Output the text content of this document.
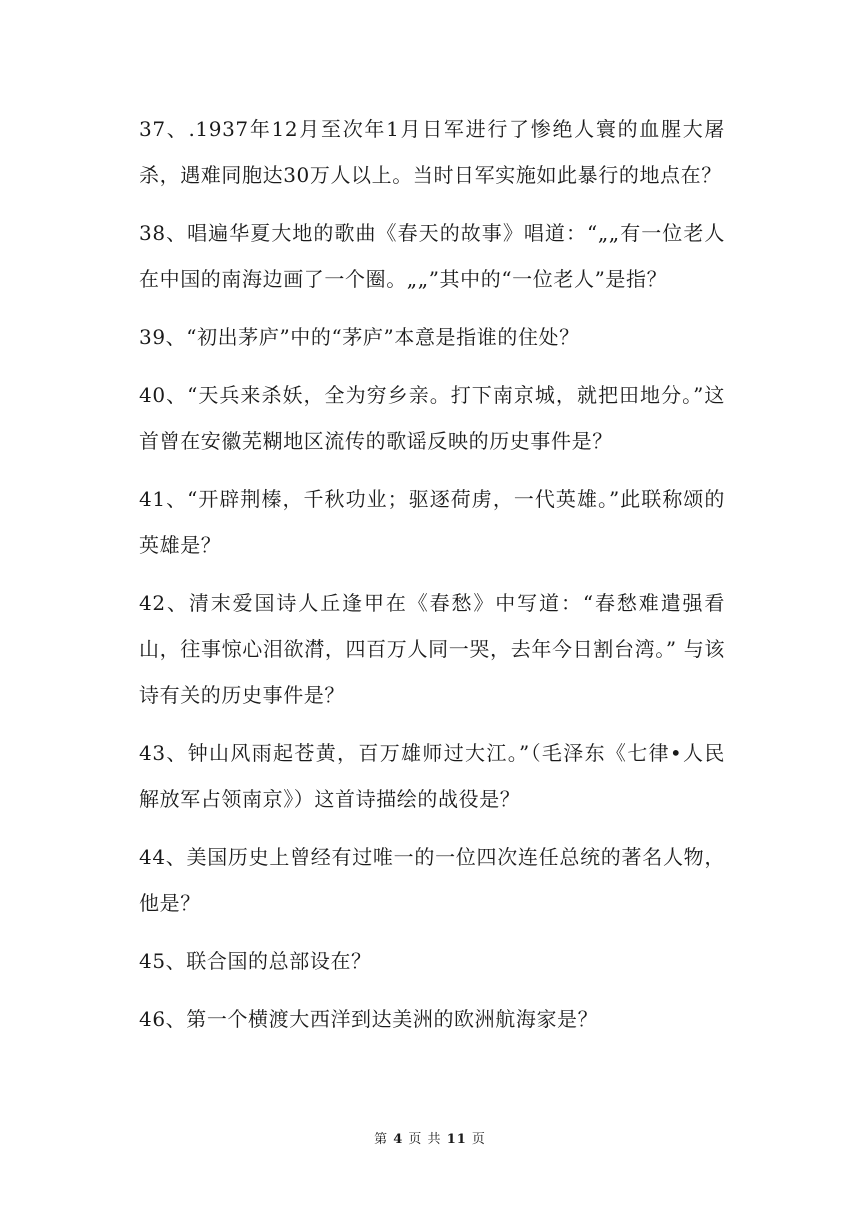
37、.1937年12月至次年1月日军进行了惨绝人寰的血腥大屠杀，遇难同胞达30万人以上。当时日军实施如此暴行的地点在？

38、唱遍华夏大地的歌曲《春天的故事》唱道：“„„有一位老人在中国的南海边画了一个圈。„„”其中的“一位老人”是指？

39、“初出茅庐”中的“茅庐”本意是指谁的住处？

40、“天兵来杀妖，全为穷乡亲。打下南京城，就把田地分。”这首曾在安徽芜糊地区流传的歌谣反映的历史事件是？

41、“开辟荆榛，千秋功业；驱逐荷虏，一代英雄。”此联称颂的英雄是？

42、清末爱国诗人丘逢甲在《春愁》中写道：“春愁难遣强看山，往事惊心泪欲潸，四百万人同一哭，去年今日割台湾。” 与该诗有关的历史事件是？

43、钟山风雨起苍黄，百万雄师过大江。”（毛泽东《七律•人民解放军占领南京》）这首诗描绘的战役是？

44、美国历史上曾经有过唯一的一位四次连任总统的著名人物，他是？

45、联合国的总部设在？

46、第一个横渡大西洋到达美洲的欧洲航海家是？

第 4 页 共 11 页
